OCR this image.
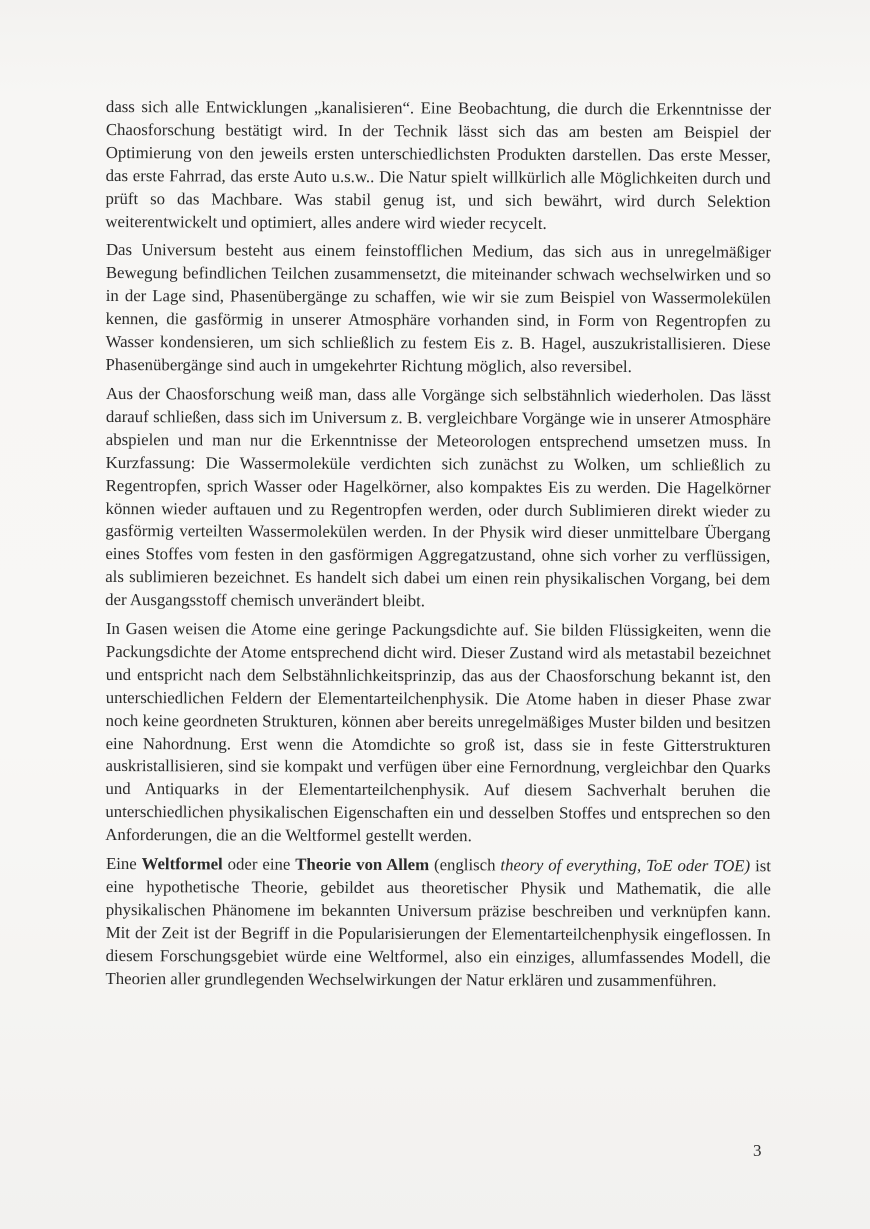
dass sich alle Entwicklungen „kanalisieren“. Eine Beobachtung, die durch die Erkenntnisse der Chaosforschung bestätigt wird. In der Technik lässt sich das am besten am Beispiel der Optimierung von den jeweils ersten unterschiedlichsten Produkten darstellen. Das erste Messer, das erste Fahrrad, das erste Auto u.s.w.. Die Natur spielt willkürlich alle Möglichkeiten durch und prüft so das Machbare. Was stabil genug ist, und sich bewährt, wird durch Selektion weiterentwickelt und optimiert, alles andere wird wieder recycelt.

Das Universum besteht aus einem feinstofflichen Medium, das sich aus in unregelmäßiger Bewegung befindlichen Teilchen zusammensetzt, die miteinander schwach wechselwirken und so in der Lage sind, Phasenübergänge zu schaffen, wie wir sie zum Beispiel von Wassermolekülen kennen, die gasförmig in unserer Atmosphäre vorhanden sind, in Form von Regentropfen zu Wasser kondensieren, um sich schließlich zu festem Eis z. B. Hagel, auszukristallisieren. Diese Phasenübergänge sind auch in umgekehrter Richtung möglich, also reversibel.

Aus der Chaosforschung weiß man, dass alle Vorgänge sich selbstähnlich wiederholen. Das lässt darauf schließen, dass sich im Universum z. B. vergleichbare Vorgänge wie in unserer Atmosphäre abspielen und man nur die Erkenntnisse der Meteorologen entsprechend umsetzen muss. In Kurzfassung: Die Wassermoleküle verdichten sich zunächst zu Wolken, um schließlich zu Regentropfen, sprich Wasser oder Hagelkörner, also kompaktes Eis zu werden. Die Hagelkörner können wieder auftauen und zu Regentropfen werden, oder durch Sublimieren direkt wieder zu gasförmig verteilten Wassermolekülen werden. In der Physik wird dieser unmittelbare Übergang eines Stoffes vom festen in den gasförmigen Aggregatzustand, ohne sich vorher zu verflüssigen, als sublimieren bezeichnet. Es handelt sich dabei um einen rein physikalischen Vorgang, bei dem der Ausgangsstoff chemisch unverändert bleibt.

In Gasen weisen die Atome eine geringe Packungsdichte auf. Sie bilden Flüssigkeiten, wenn die Packungsdichte der Atome entsprechend dicht wird. Dieser Zustand wird als metastabil bezeichnet und entspricht nach dem Selbstähnlichkeitsprinzip, das aus der Chaosforschung bekannt ist, den unterschiedlichen Feldern der Elementarteilchenphysik. Die Atome haben in dieser Phase zwar noch keine geordneten Strukturen, können aber bereits unregelmäßiges Muster bilden und besitzen eine Nahordnung. Erst wenn die Atomdichte so groß ist, dass sie in feste Gitterstrukturen auskristallisieren, sind sie kompakt und verfügen über eine Fernordnung, vergleichbar den Quarks und Antiquarks in der Elementarteilchenphysik. Auf diesem Sachverhalt beruhen die unterschiedlichen physikalischen Eigenschaften ein und desselben Stoffes und entsprechen so den Anforderungen, die an die Weltformel gestellt werden.

Eine Weltformel oder eine Theorie von Allem (englisch theory of everything, ToE oder TOE) ist eine hypothetische Theorie, gebildet aus theoretischer Physik und Mathematik, die alle physikalischen Phänomene im bekannten Universum präzise beschreiben und verknüpfen kann. Mit der Zeit ist der Begriff in die Popularisierungen der Elementarteilchenphysik eingeflossen. In diesem Forschungsgebiet würde eine Weltformel, also ein einziges, allumfassendes Modell, die Theorien aller grundlegenden Wechselwirkungen der Natur erklären und zusammenführen.

3
